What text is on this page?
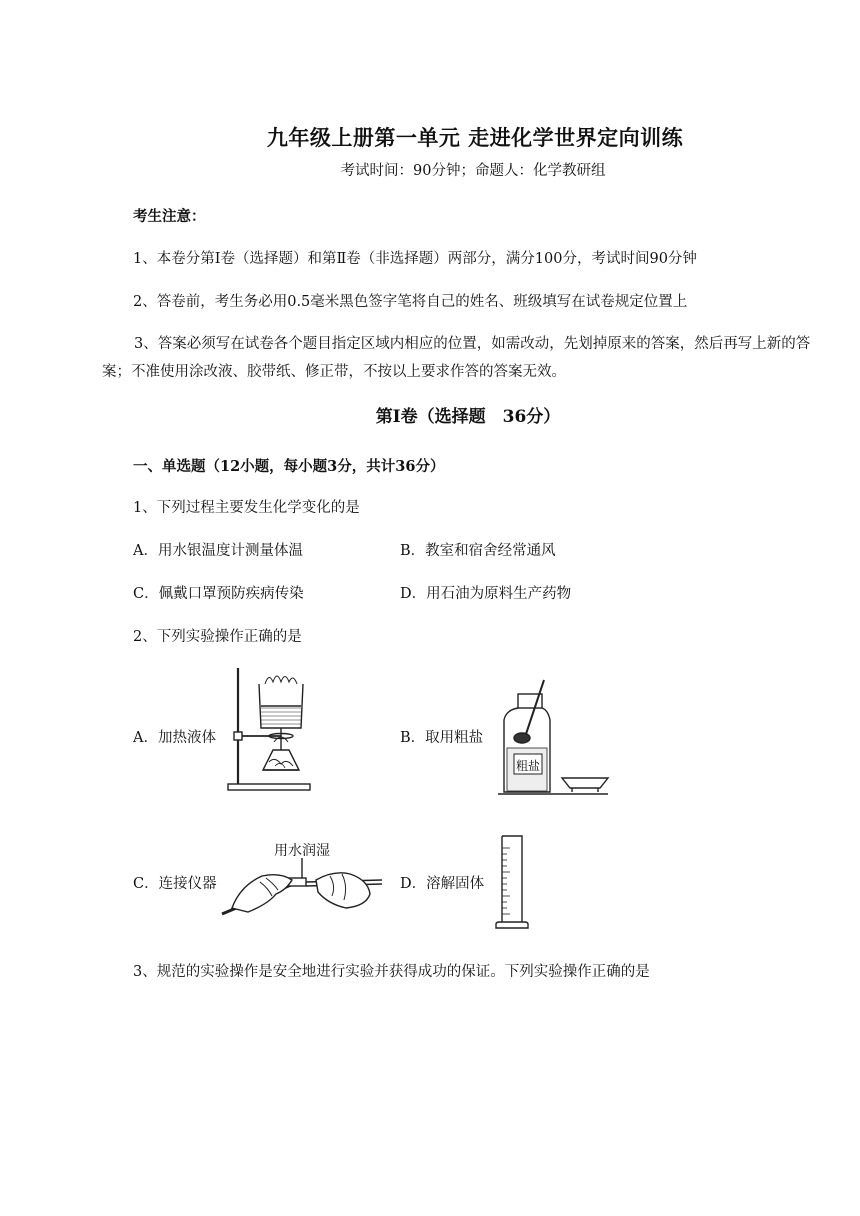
九年级上册第一单元 走进化学世界定向训练
考试时间：90分钟；命题人：化学教研组
考生注意：
1、本卷分第Ⅰ卷（选择题）和第Ⅱ卷（非选择题）两部分，满分100分，考试时间90分钟
2、答卷前，考生务必用0.5毫米黑色签字笔将自己的姓名、班级填写在试卷规定位置上
3、答案必须写在试卷各个题目指定区域内相应的位置，如需改动，先划掉原来的答案，然后再写上新的答案；不准使用涂改液、胶带纸、修正带，不按以上要求作答的答案无效。
第Ⅰ卷（选择题　36分）
一、单选题（12小题，每小题3分，共计36分）
1、下列过程主要发生化学变化的是
A．用水银温度计测量体温	B．教室和宿舍经常通风
C．佩戴口罩预防疾病传染	D．用石油为原料生产药物
2、下列实验操作正确的是
A．加热液体	B．取用粗盐
C．连接仪器	D．溶解固体
粗盐
用水润湿
3、规范的实验操作是安全地进行实验并获得成功的保证。下列实验操作正确的是
